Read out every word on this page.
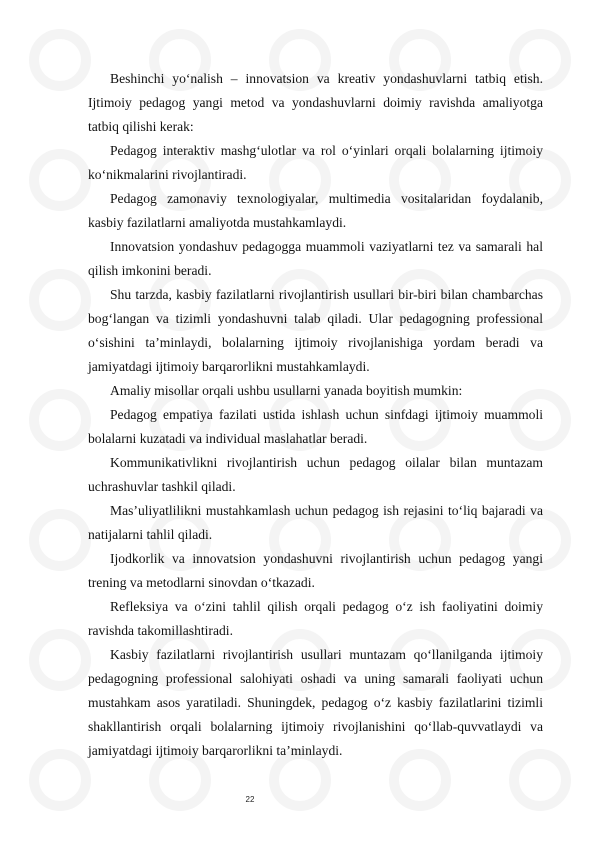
Beshinchi yo‘nalish – innovatsion va kreativ yondashuvlarni tatbiq etish. Ijtimoiy pedagog yangi metod va yondashuvlarni doimiy ravishda amaliyotga tatbiq qilishi kerak:

Pedagog interaktiv mashg‘ulotlar va rol o‘yinlari orqali bolalarning ijtimoiy ko‘nikmalarini rivojlantiradi.

Pedagog zamonaviy texnologiyalar, multimedia vositalaridan foydalanib, kasbiy fazilatlarni amaliyotda mustahkamlaydi.

Innovatsion yondashuv pedagogga muammoli vaziyatlarni tez va samarali hal qilish imkonini beradi.

Shu tarzda, kasbiy fazilatlarni rivojlantirish usullari bir-biri bilan chambarchas bog‘langan va tizimli yondashuvni talab qiladi. Ular pedagogning professional o‘sishini ta’minlaydi, bolalarning ijtimoiy rivojlanishiga yordam beradi va jamiyatdagi ijtimoiy barqarorlikni mustahkamlaydi.

Amaliy misollar orqali ushbu usullarni yanada boyitish mumkin:

Pedagog empatiya fazilati ustida ishlash uchun sinfdagi ijtimoiy muammoli bolalarni kuzatadi va individual maslahatlar beradi.

Kommunikativlikni rivojlantirish uchun pedagog oilalar bilan muntazam uchrashuvlar tashkil qiladi.

Mas’uliyatlilikni mustahkamlash uchun pedagog ish rejasini to‘liq bajaradi va natijalarni tahlil qiladi.

Ijodkorlik va innovatsion yondashuvni rivojlantirish uchun pedagog yangi trening va metodlarni sinovdan o‘tkazadi.

Refleksiya va o‘zini tahlil qilish orqali pedagog o‘z ish faoliyatini doimiy ravishda takomillashtiradi.

Kasbiy fazilatlarni rivojlantirish usullari muntazam qo‘llanilganda ijtimoiy pedagogning professional salohiyati oshadi va uning samarali faoliyati uchun mustahkam asos yaratiladi. Shuningdek, pedagog o‘z kasbiy fazilatlarini tizimli shakllantirish orqali bolalarning ijtimoiy rivojlanishini qo‘llab-quvvatlaydi va jamiyatdagi ijtimoiy barqarorlikni ta’minlaydi.

22
